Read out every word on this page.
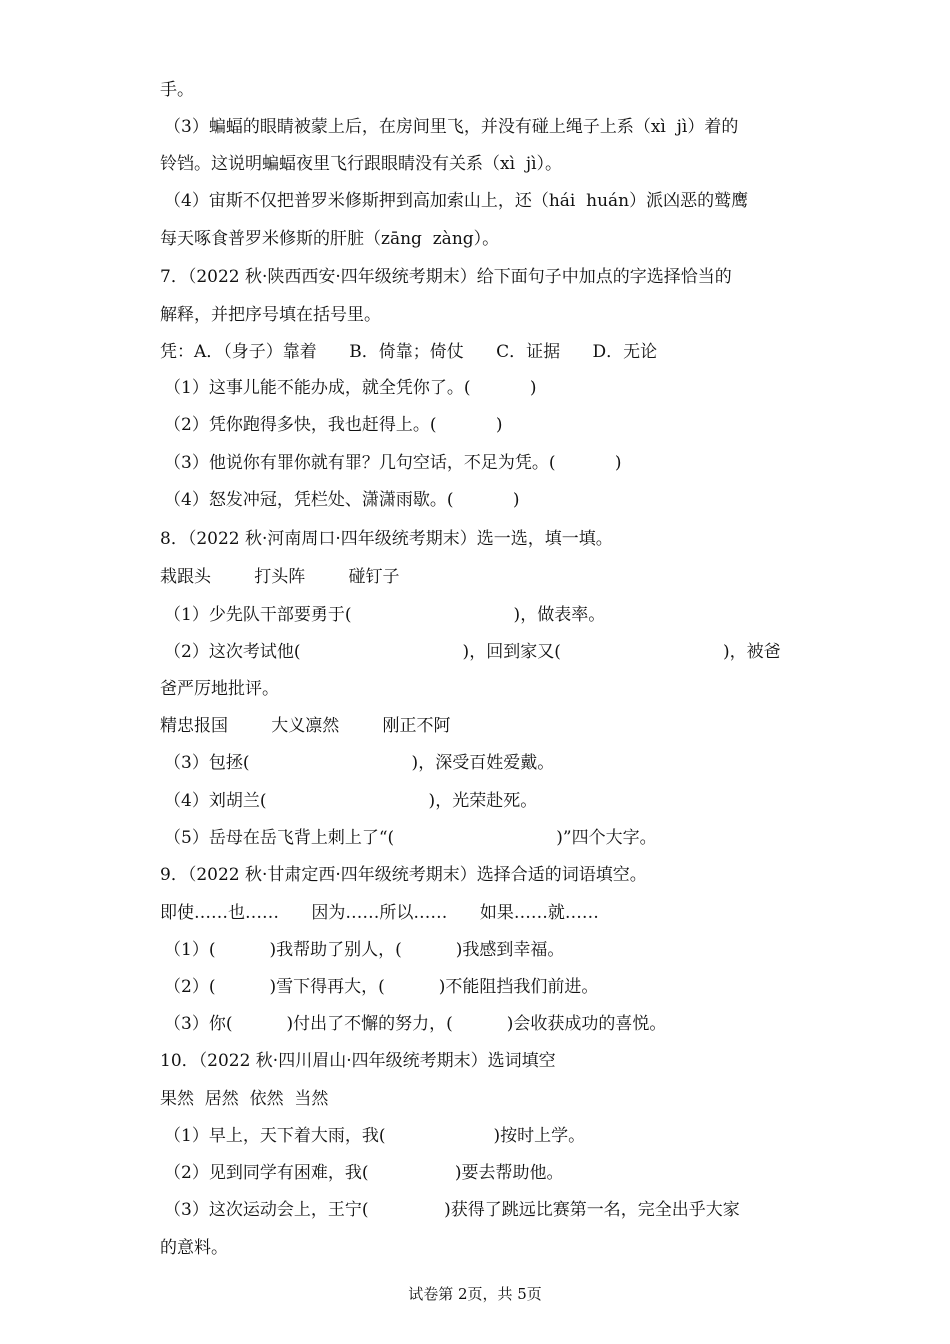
手。
（3）蝙蝠的眼睛被蒙上后，在房间里飞，并没有碰上绳子上系（xì  jì）着的
铃铛。这说明蝙蝠夜里飞行跟眼睛没有关系（xì  jì）。
（4）宙斯不仅把普罗米修斯押到高加索山上，还（hái  huán）派凶恶的鹫鹰
每天啄食普罗米修斯的肝脏（zāng  zàng）。
7．（2022 秋·陕西西安·四年级统考期末）给下面句子中加点的字选择恰当的
解释，并把序号填在括号里。
凭：A．（身子）靠着      B．倚靠；倚仗      C．证据      D．无论
（1）这事儿能不能办成，就全凭你了。(           )
（2）凭你跑得多快，我也赶得上。(           )
（3）他说你有罪你就有罪？几句空话，不足为凭。(           )
（4）怒发冲冠，凭栏处、潇潇雨歇。(           )
8．（2022 秋·河南周口·四年级统考期末）选一选，填一填。
栽跟头        打头阵        碰钉子
（1）少先队干部要勇于(                              )，做表率。
（2）这次考试他(                              )，回到家又(                              )，被爸
爸严厉地批评。
精忠报国        大义凛然        刚正不阿
（3）包拯(                              )，深受百姓爱戴。
（4）刘胡兰(                              )，光荣赴死。
（5）岳母在岳飞背上刺上了“(                              )”四个大字。
9．（2022 秋·甘肃定西·四年级统考期末）选择合适的词语填空。
即使……也……      因为……所以……      如果……就……
（1）(          )我帮助了别人，(          )我感到幸福。
（2）(          )雪下得再大，(          )不能阻挡我们前进。
（3）你(          )付出了不懈的努力，(          )会收获成功的喜悦。
10．（2022 秋·四川眉山·四年级统考期末）选词填空
果然  居然  依然  当然
（1）早上，天下着大雨，我(                    )按时上学。
（2）见到同学有困难，我(                )要去帮助他。
（3）这次运动会上，王宁(              )获得了跳远比赛第一名，完全出乎大家
的意料。
试卷第 2页，共 5页
